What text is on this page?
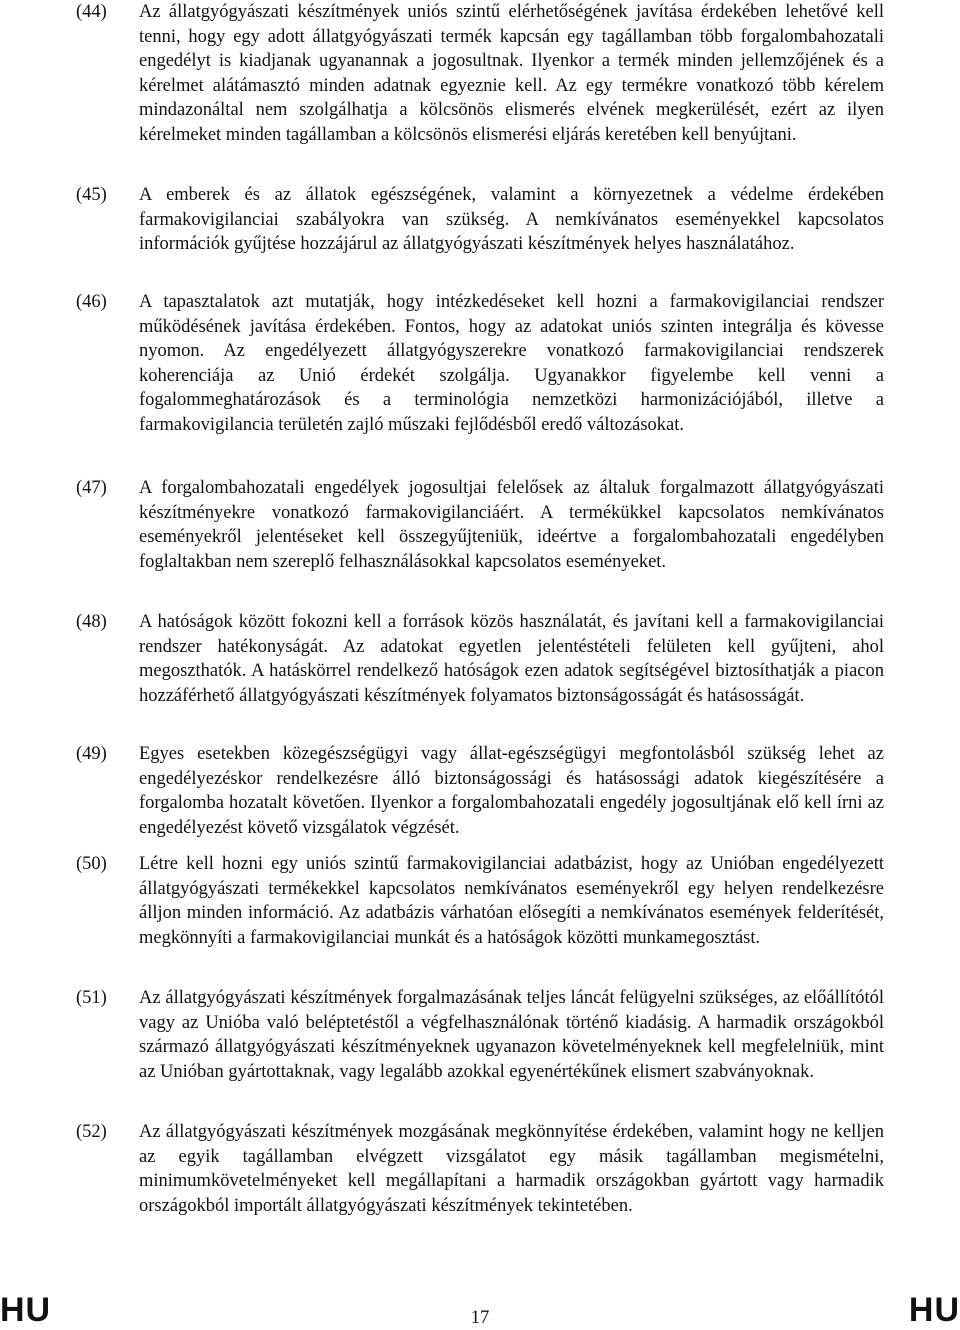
(44) Az állatgyógyászati készítmények uniós szintű elérhetőségének javítása érdekében lehetővé kell tenni, hogy egy adott állatgyógyászati termék kapcsán egy tagállamban több forgalombahozatali engedélyt is kiadjanak ugyanannak a jogosultnak. Ilyenkor a termék minden jellemzőjének és a kérelmet alátámasztó minden adatnak egyeznie kell. Az egy termékre vonatkozó több kérelem mindazonáltal nem szolgálhatja a kölcsönös elismerés elvének megkerülését, ezért az ilyen kérelmeket minden tagállamban a kölcsönös elismerési eljárás keretében kell benyújtani.
(45) A emberek és az állatok egészségének, valamint a környezetnek a védelme érdekében farmakovigilanciai szabályokra van szükség. A nemkívánatos eseményekkel kapcsolatos információk gyűjtése hozzájárul az állatgyógyászati készítmények helyes használatához.
(46) A tapasztalatok azt mutatják, hogy intézkedéseket kell hozni a farmakovigilanciai rendszer működésének javítása érdekében. Fontos, hogy az adatokat uniós szinten integrálja és kövesse nyomon. Az engedélyezett állatgyógyszerekre vonatkozó farmakovigilanciai rendszerek koherenciája az Unió érdekét szolgálja. Ugyanakkor figyelembe kell venni a fogalommeghatározások és a terminológia nemzetközi harmonizációjából, illetve a farmakovigilancia területén zajló műszaki fejlődésből eredő változásokat.
(47) A forgalombahozatali engedélyek jogosultjai felelősek az általuk forgalmazott állatgyógyászati készítményekre vonatkozó farmakovigilanciáért. A termékükkel kapcsolatos nemkívánatos eseményekről jelentéseket kell összegyűjteniük, ideértve a forgalombahozatali engedélyben foglaltakban nem szereplő felhasználásokkal kapcsolatos eseményeket.
(48) A hatóságok között fokozni kell a források közös használatát, és javítani kell a farmakovigilanciai rendszer hatékonyságát. Az adatokat egyetlen jelentéstételi felületen kell gyűjteni, ahol megoszthatók. A hatáskörrel rendelkező hatóságok ezen adatok segítségével biztosíthatják a piacon hozzáférhető állatgyógyászati készítmények folyamatos biztonságosságát és hatásosságát.
(49) Egyes esetekben közegészségügyi vagy állat-egészségügyi megfontolásból szükség lehet az engedélyezéskor rendelkezésre álló biztonságossági és hatásossági adatok kiegészítésére a forgalomba hozatalt követően. Ilyenkor a forgalombahozatali engedély jogosultjának elő kell írni az engedélyezést követő vizsgálatok végzését.
(50) Létre kell hozni egy uniós szintű farmakovigilanciai adatbázist, hogy az Unióban engedélyezett állatgyógyászati termékekkel kapcsolatos nemkívánatos eseményekről egy helyen rendelkezésre álljon minden információ. Az adatbázis várhatóan elősegíti a nemkívánatos események felderítését, megkönnyíti a farmakovigilanciai munkát és a hatóságok közötti munkamegosztást.
(51) Az állatgyógyászati készítmények forgalmazásának teljes láncát felügyelni szükséges, az előállítótól vagy az Unióba való beléptetéstől a végfelhasználónak történő kiadásig. A harmadik országokból származó állatgyógyászati készítményeknek ugyanazon követelményeknek kell megfelelniük, mint az Unióban gyártottaknak, vagy legalább azokkal egyenértékűnek elismert szabványoknak.
(52) Az állatgyógyászati készítmények mozgásának megkönnyítése érdekében, valamint hogy ne kelljen az egyik tagállamban elvégzett vizsgálatot egy másik tagállamban megismételni, minimumkövetelményeket kell megállapítani a harmadik országokban gyártott vagy harmadik országokból importált állatgyógyászati készítmények tekintetében.
HU	17	HU
